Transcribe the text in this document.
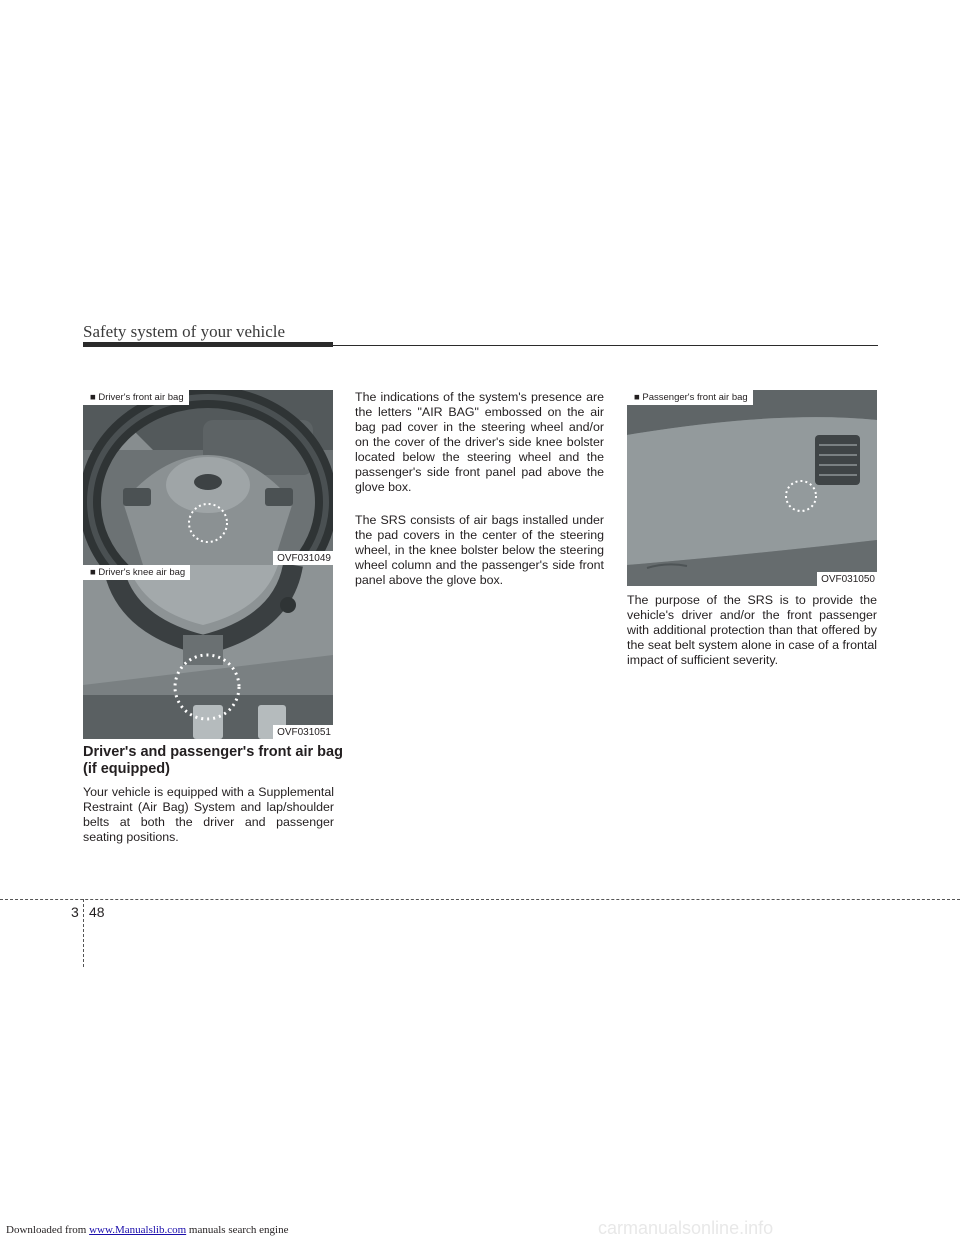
Safety system of your vehicle
■ Driver's front air bag
OVF031049
■ Driver's knee air bag
OVF031051
■ Passenger's front air bag
OVF031050
Driver's and passenger's front air bag (if equipped)

Your vehicle is equipped with a Supplemental Restraint (Air Bag) System and lap/shoulder belts at both the driver and passenger seating positions.

The indications of the system's presence are the letters "AIR BAG" embossed on the air bag pad cover in the steering wheel and/or on the cover of the driver's side knee bolster located below the steering wheel and the passenger's side front panel pad above the glove box.

The SRS consists of air bags installed under the pad covers in the center of the steering wheel, in the knee bolster below the steering wheel column and the passenger's side front panel above the glove box.

The purpose of the SRS is to provide the vehicle's driver and/or the front passenger with additional protection than that offered by the seat belt system alone in case of a frontal impact of sufficient severity.

3 48
Downloaded from www.Manualslib.com manuals search engine	carmanualsonline.info
